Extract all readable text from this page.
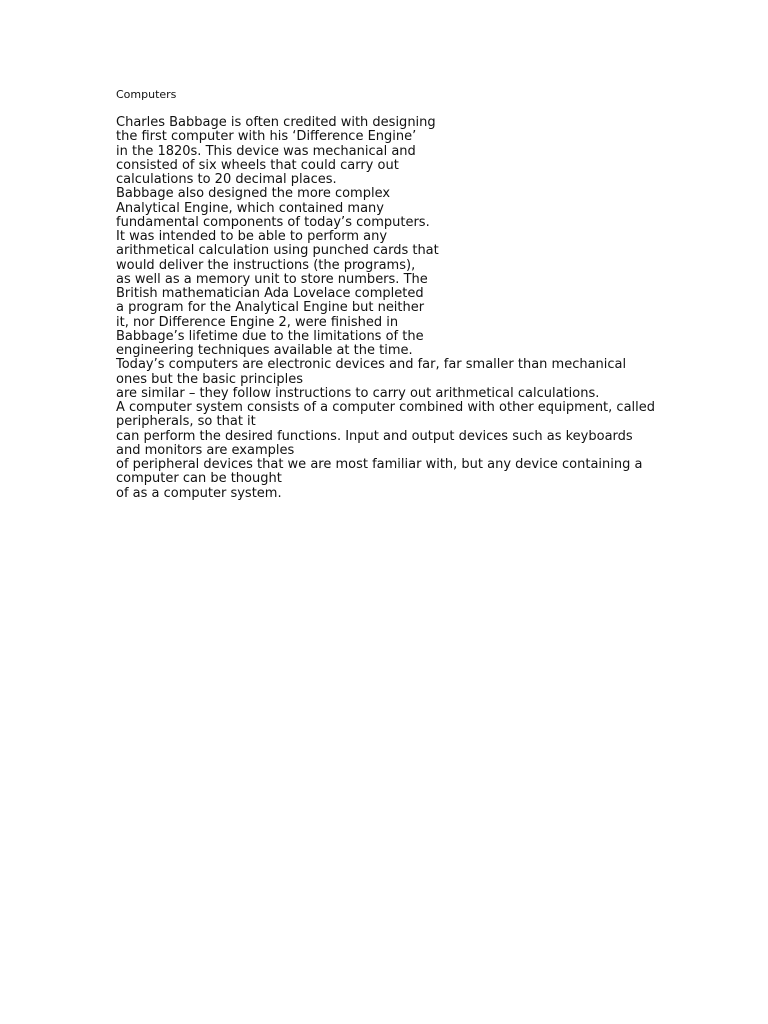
Computers
Charles Babbage is often credited with designing
the first computer with his ‘Difference Engine’
in the 1820s. This device was mechanical and
consisted of six wheels that could carry out
calculations to 20 decimal places.
Babbage also designed the more complex
Analytical Engine, which contained many
fundamental components of today’s computers.
It was intended to be able to perform any
arithmetical calculation using punched cards that
would deliver the instructions (the programs),
as well as a memory unit to store numbers. The
British mathematician Ada Lovelace completed
a program for the Analytical Engine but neither
it, nor Difference Engine 2, were finished in
Babbage’s lifetime due to the limitations of the
engineering techniques available at the time.
Today’s computers are electronic devices and far, far smaller than mechanical
ones but the basic principles
are similar – they follow instructions to carry out arithmetical calculations.
A computer system consists of a computer combined with other equipment, called
peripherals, so that it
can perform the desired functions. Input and output devices such as keyboards
and monitors are examples
of peripheral devices that we are most familiar with, but any device containing a
computer can be thought
of as a computer system.
